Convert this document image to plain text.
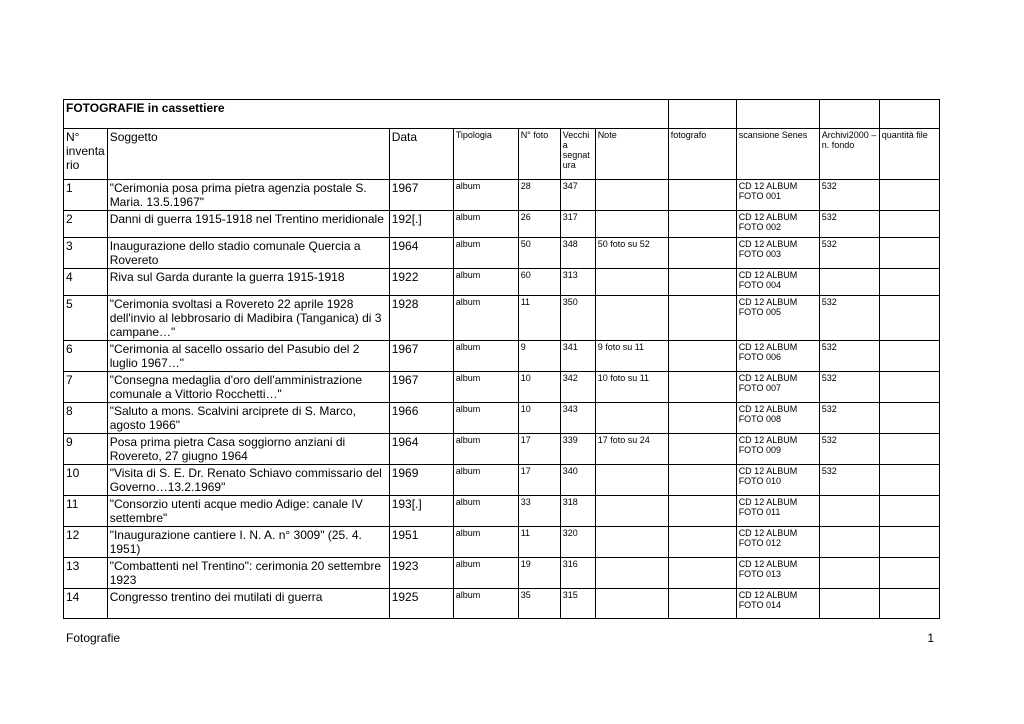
FOTOGRAFIE in cassettiere										
N° inventa rio	Soggetto	Data	Tipologia	N° foto	Vecchi a segnat ura	Note	fotografo	scansione Senes	Archivi2000 – n. fondo	quantità file
1	"Cerimonia posa prima pietra agenzia postale S. Maria. 13.5.1967"	1967	album	28	347			CD 12 ALBUM FOTO 001	532	
2	Danni di guerra 1915-1918 nel Trentino meridionale	192[.]	album	26	317			CD 12 ALBUM FOTO 002	532	
3	Inaugurazione dello stadio comunale Quercia a Rovereto	1964	album	50	348	50 foto su 52		CD 12 ALBUM FOTO 003	532	
4	Riva sul Garda durante la guerra 1915-1918	1922	album	60	313			CD 12 ALBUM FOTO 004		
5	"Cerimonia svoltasi a Rovereto 22 aprile 1928 dell'invio al lebbrosario di Madibira (Tanganica) di 3 campane…"	1928	album	11	350			CD 12 ALBUM FOTO 005	532	
6	"Cerimonia al sacello ossario del Pasubio del 2 luglio 1967…"	1967	album	9	341	9 foto su 11		CD 12 ALBUM FOTO 006	532	
7	"Consegna medaglia d'oro dell'amministrazione comunale a Vittorio Rocchetti…"	1967	album	10	342	10 foto su 11		CD 12 ALBUM FOTO 007	532	
8	"Saluto a mons. Scalvini arciprete di S. Marco, agosto 1966"	1966	album	10	343			CD 12 ALBUM FOTO 008	532	
9	Posa prima pietra Casa soggiorno anziani di Rovereto, 27 giugno 1964	1964	album	17	339	17 foto su 24		CD 12 ALBUM FOTO 009	532	
10	"Visita di S. E. Dr. Renato Schiavo commissario del Governo…13.2.1969"	1969	album	17	340			CD 12 ALBUM FOTO 010	532	
11	"Consorzio utenti acque medio Adige: canale IV settembre"	193[.]	album	33	318			CD 12 ALBUM FOTO 011		
12	"Inaugurazione cantiere I. N. A. n° 3009" (25. 4. 1951)	1951	album	11	320			CD 12 ALBUM FOTO 012		
13	"Combattenti nel Trentino": cerimonia 20 settembre 1923	1923	album	19	316			CD 12 ALBUM FOTO 013		
14	Congresso trentino dei mutilati di guerra	1925	album	35	315			CD 12 ALBUM FOTO 014		
Fotografie	1
